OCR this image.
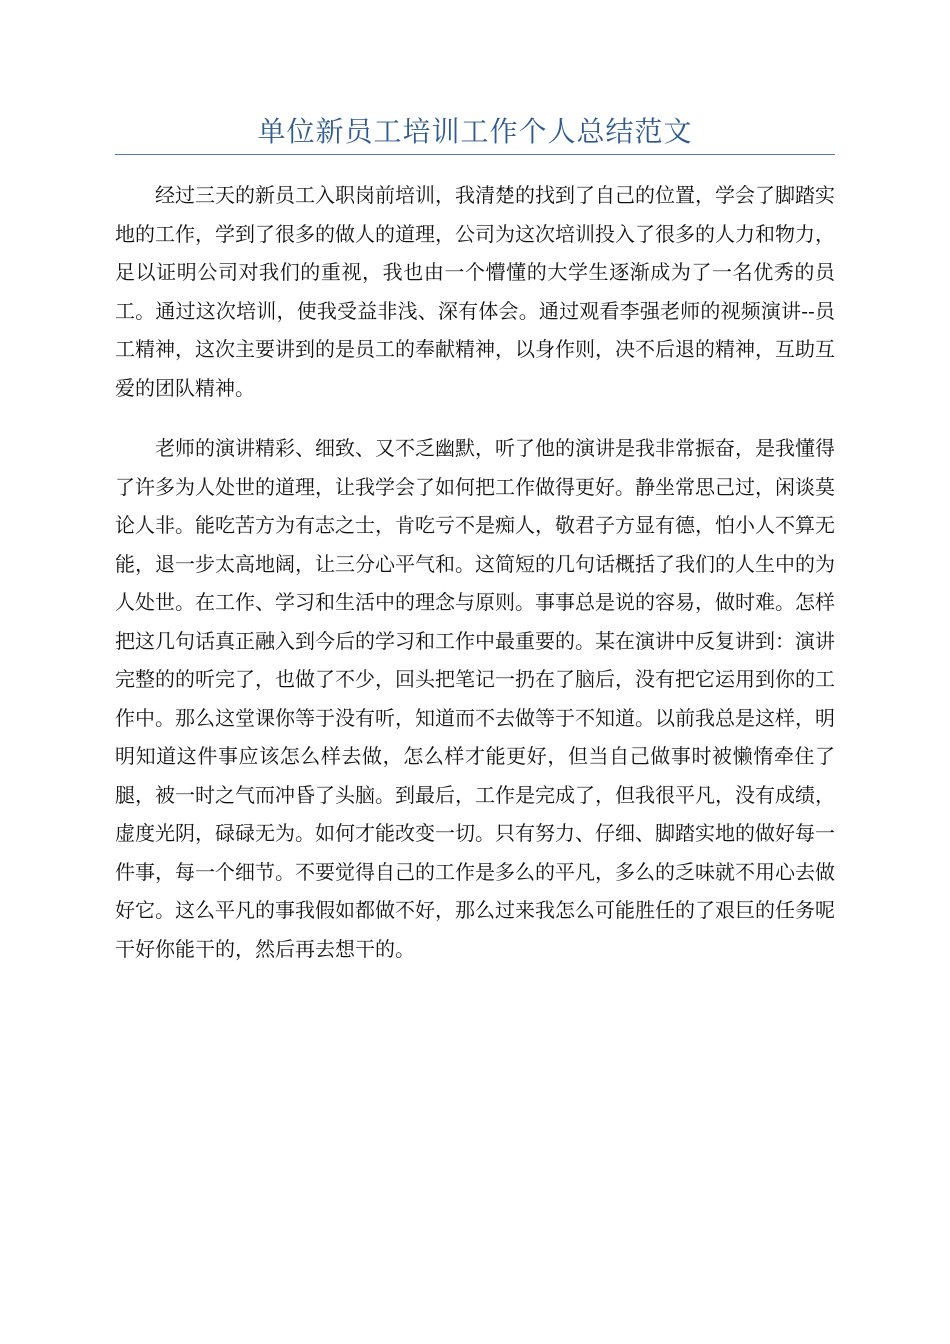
单位新员工培训工作个人总结范文

经过三天的新员工入职岗前培训，我清楚的找到了自己的位置，学会了脚踏实地的工作，学到了很多的做人的道理，公司为这次培训投入了很多的人力和物力，足以证明公司对我们的重视，我也由一个懵懂的大学生逐渐成为了一名优秀的员工。通过这次培训，使我受益非浅、深有体会。通过观看李强老师的视频演讲--员工精神，这次主要讲到的是员工的奉献精神，以身作则，决不后退的精神，互助互爱的团队精神。

老师的演讲精彩、细致、又不乏幽默，听了他的演讲是我非常振奋，是我懂得了许多为人处世的道理，让我学会了如何把工作做得更好。静坐常思己过，闲谈莫论人非。能吃苦方为有志之士，肯吃亏不是痴人，敬君子方显有德，怕小人不算无能，退一步太高地阔，让三分心平气和。这简短的几句话概括了我们的人生中的为人处世。在工作、学习和生活中的理念与原则。事事总是说的容易，做时难。怎样把这几句话真正融入到今后的学习和工作中最重要的。某在演讲中反复讲到：演讲完整的的听完了，也做了不少，回头把笔记一扔在了脑后，没有把它运用到你的工作中。那么这堂课你等于没有听，知道而不去做等于不知道。以前我总是这样，明明知道这件事应该怎么样去做，怎么样才能更好，但当自己做事时被懒惰牵住了腿，被一时之气而冲昏了头脑。到最后，工作是完成了，但我很平凡，没有成绩，虚度光阴，碌碌无为。如何才能改变一切。只有努力、仔细、脚踏实地的做好每一件事，每一个细节。不要觉得自己的工作是多么的平凡，多么的乏味就不用心去做好它。这么平凡的事我假如都做不好，那么过来我怎么可能胜任的了艰巨的任务呢干好你能干的，然后再去想干的。
